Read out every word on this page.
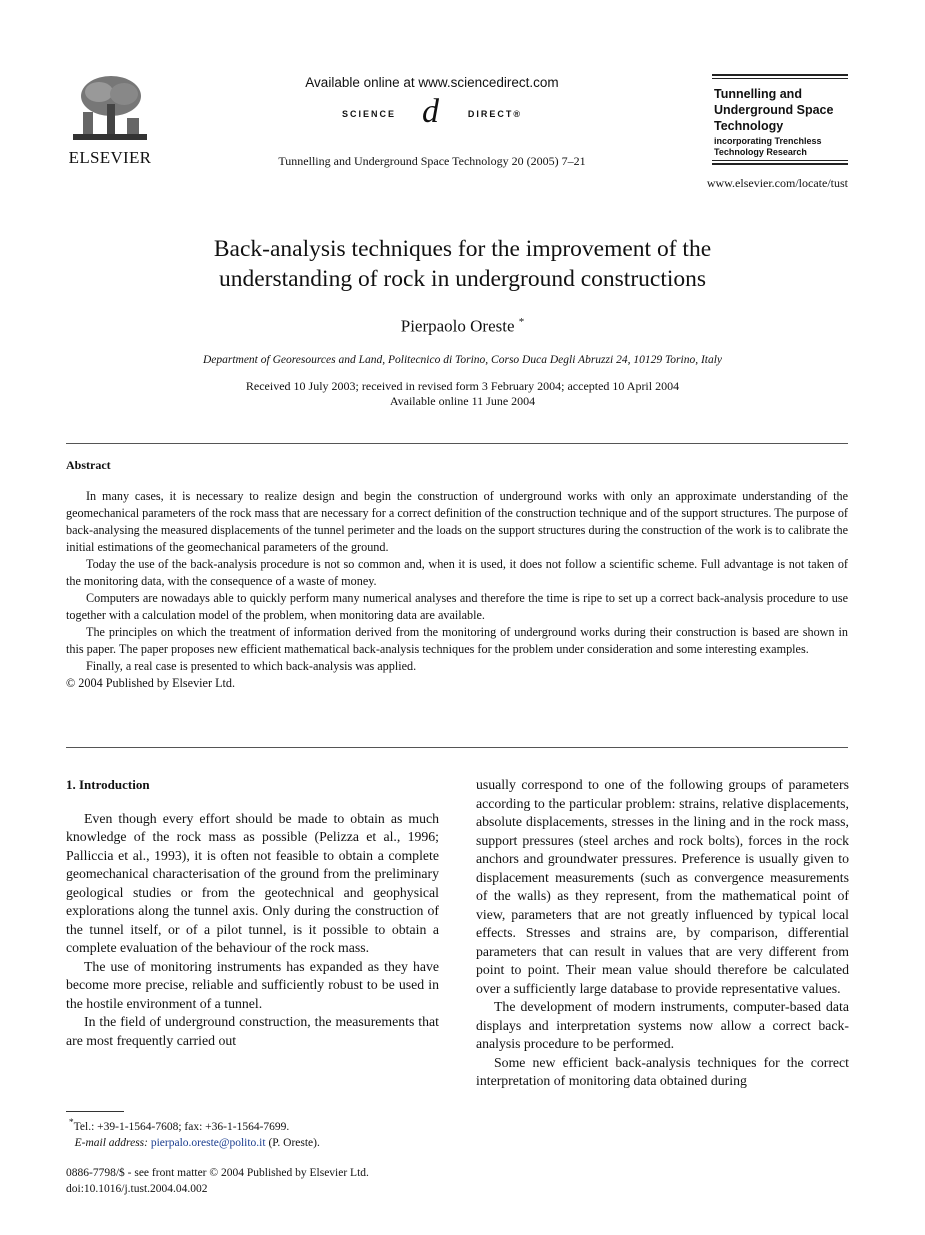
ELSEVIER
Available online at www.sciencedirect.com
SCIENCE d	DIRECT®
Tunnelling and Underground Space Technology 20 (2005) 7–21
Tunnelling and
Underground Space
Technology
incorporating Trenchless
Technology Research
www.elsevier.com/locate/tust
Back-analysis techniques for the improvement of the
understanding of rock in underground constructions
Pierpaolo Oreste *
Department of Georesources and Land, Politecnico di Torino, Corso Duca Degli Abruzzi 24, 10129 Torino, Italy
Received 10 July 2003; received in revised form 3 February 2004; accepted 10 April 2004
Available online 11 June 2004
Abstract

In many cases, it is necessary to realize design and begin the construction of underground works with only an approximate understanding of the geomechanical parameters of the rock mass that are necessary for a correct definition of the construction technique and of the support structures. The purpose of back-analysing the measured displacements of the tunnel perimeter and the loads on the support structures during the construction of the work is to calibrate the initial estimations of the geomechanical parameters of the ground.

Today the use of the back-analysis procedure is not so common and, when it is used, it does not follow a scientific scheme. Full advantage is not taken of the monitoring data, with the consequence of a waste of money.

Computers are nowadays able to quickly perform many numerical analyses and therefore the time is ripe to set up a correct back-analysis procedure to use together with a calculation model of the problem, when monitoring data are available.

The principles on which the treatment of information derived from the monitoring of underground works during their construction is based are shown in this paper. The paper proposes new efficient mathematical back-analysis techniques for the problem under consideration and some interesting examples.

Finally, a real case is presented to which back-analysis was applied.

© 2004 Published by Elsevier Ltd.

1. Introduction

Even though every effort should be made to obtain as much knowledge of the rock mass as possible (Pelizza et al., 1996; Palliccia et al., 1993), it is often not feasible to obtain a complete geomechanical characterisation of the ground from the preliminary geological studies or from the geotechnical and geophysical explorations along the tunnel axis. Only during the construction of the tunnel itself, or of a pilot tunnel, is it possible to obtain a complete evaluation of the behaviour of the rock mass.

The use of monitoring instruments has expanded as they have become more precise, reliable and sufficiently robust to be used in the hostile environment of a tunnel.

In the field of underground construction, the measurements that are most frequently carried out

usually correspond to one of the following groups of parameters according to the particular problem: strains, relative displacements, absolute displacements, stresses in the lining and in the rock mass, support pressures (steel arches and rock bolts), forces in the rock anchors and groundwater pressures. Preference is usually given to displacement measurements (such as convergence measurements of the walls) as they represent, from the mathematical point of view, parameters that are not greatly influenced by typical local effects. Stresses and strains are, by comparison, differential parameters that can result in values that are very different from point to point. Their mean value should therefore be calculated over a sufficiently large database to provide representative values.

The development of modern instruments, computer-based data displays and interpretation systems now allow a correct back-analysis procedure to be performed.

Some new efficient back-analysis techniques for the correct interpretation of monitoring data obtained during

*Tel.: +39-1-1564-7608; fax: +36-1-1564-7699.
E-mail address: pierpalo.oreste@polito.it (P. Oreste).
0886-7798/$ - see front matter © 2004 Published by Elsevier Ltd.
doi:10.1016/j.tust.2004.04.002
